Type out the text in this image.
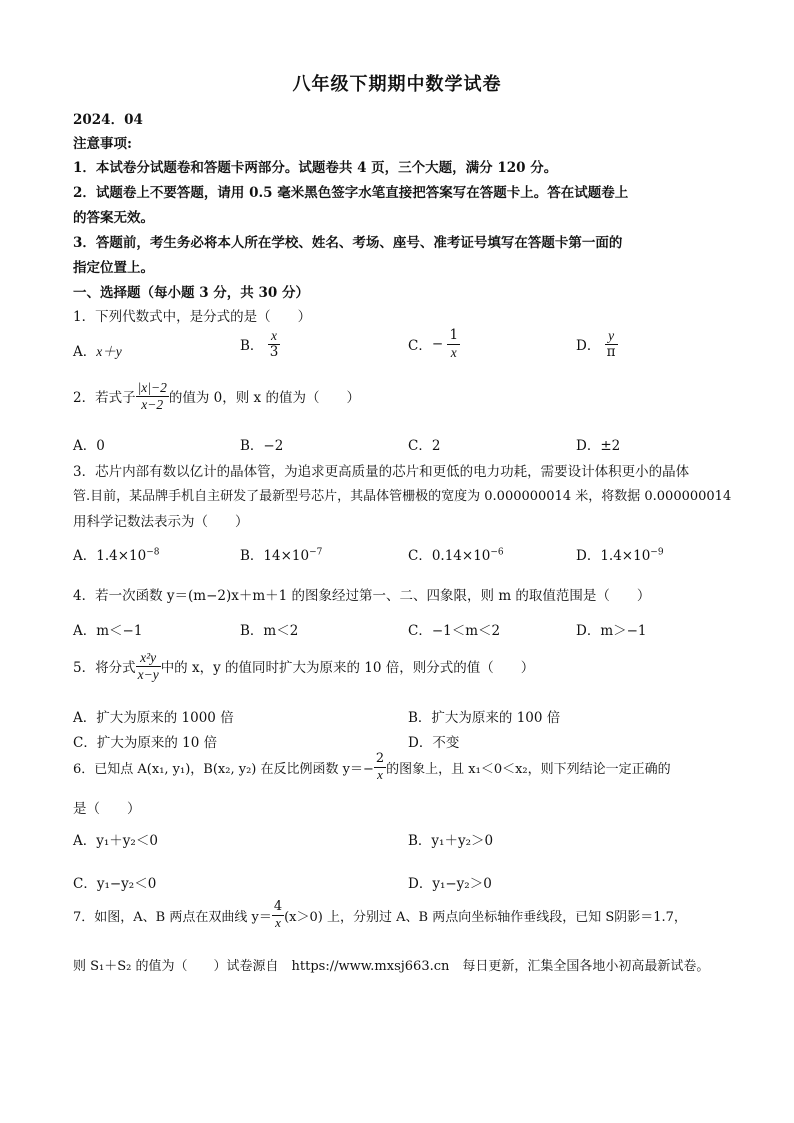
八年级下期期中数学试卷
2024．04
注意事项:
1．本试卷分试题卷和答题卡两部分。试题卷共 4 页，三个大题，满分 120 分。
2．试题卷上不要答题，请用 0.5 毫米黑色签字水笔直接把答案写在答题卡上。答在试题卷上
的答案无效。
3．答题前，考生务必将本人所在学校、姓名、考场、座号、准考证号填写在答题卡第一面的
指定位置上。
一、选择题（每小题 3 分，共 30 分）
1．下列代数式中，是分式的是（　　）
A．x＋y	B． $\frac{x}{3}$	C．− $\frac{1}{x}$	D． $\frac{y}{\pi}$
2．若式子 $\frac{|x|-2}{x-2}$ 的值为 0，则 x 的值为（　　）
A．0	B．−2	C．2	D．±2
3．芯片内部有数以亿计的晶体管，为追求更高质量的芯片和更低的电力功耗，需要设计体积更小的晶体
管.目前，某品牌手机自主研发了最新型号芯片，其晶体管栅极的宽度为 0.000000014 米，将数据 0.000000014
用科学记数法表示为（　　）
A．$1.4\times 10^{-8}$	B．$14\times 10^{-7}$	C．$0.14\times 10^{-6}$	D．$1.4\times 10^{-9}$
4．若一次函数 y＝(m−2)x＋m＋1 的图象经过第一、二、四象限，则 m 的取值范围是（　　）
A．m＜−1	B．m＜2	C．−1＜m＜2	D．m＞−1
5．将分式 $\frac{\text{x²y}}{x-y}$ 中的 x，y 的值同时扩大为原来的 10 倍，则分式的值（　　）
A．扩大为原来的 1000 倍	B．扩大为原来的 100 倍
C．扩大为原来的 10 倍	D．不变
6．已知点 A(x₁, y₁)，B(x₂, y₂) 在反比例函数 $y=- \frac{2}{x}$ 的图象上，且 x₁＜0＜x₂，则下列结论一定正确的
是（　　）
A．y₁＋y₂＜0	B．y₁＋y₂＞0
C．y₁−y₂＜0	D．y₁−y₂＞0
7．如图，A、B 两点在双曲线 $y= \frac{4}{x} (x>0)$ 上，分别过 A、B 两点向坐标轴作垂线段，已知 S阴影＝1.7，
则 S₁＋S₂ 的值为（　　）试卷源自　https://www.mxsj663.cn　每日更新，汇集全国各地小初高最新试卷。
